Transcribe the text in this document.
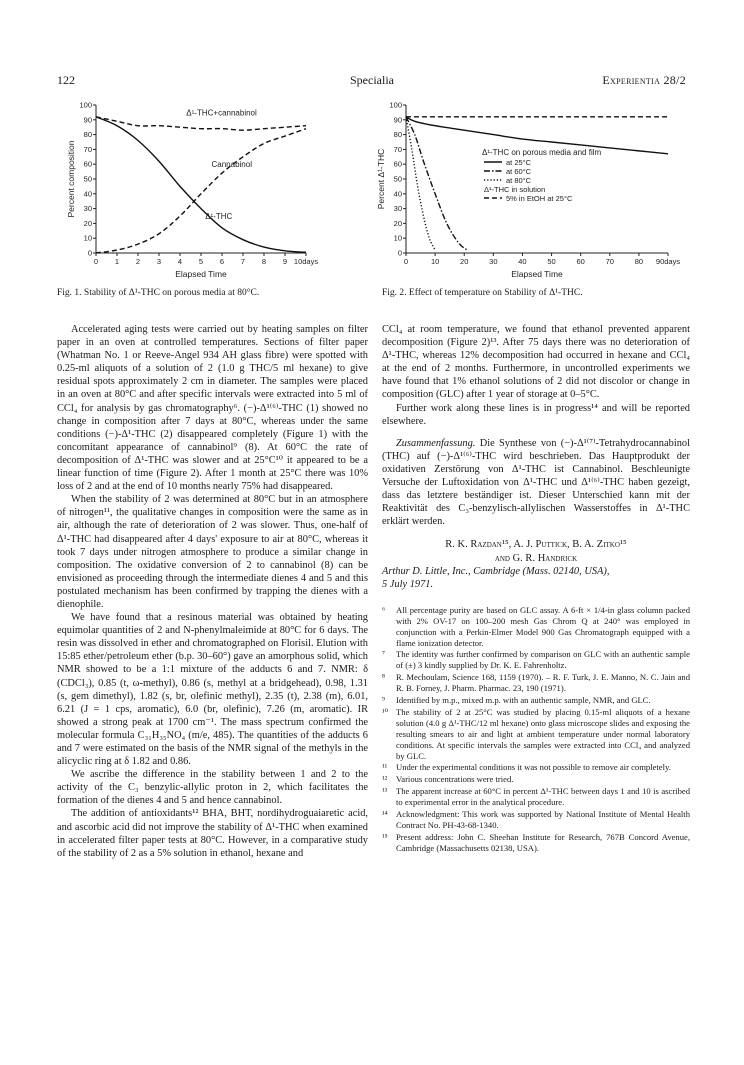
122	Specialia	Experientia 28/2
0
10
20
30
40
50
60
70
80
90
100
0 1 2 3 4 5 6 7 8 9 10days
Elapsed Time
Percent composition
Δ¹-THC+cannabinol
Cannabinol
Δ¹-THC
Fig. 1. Stability of Δ¹-THC on porous media at 80°C.
0
10
20
30
40
50
60
70
80
90
100
0	10	20	30	40	50	60	70	80 90days
Elapsed Time
Percent Δ¹-THC	Δ¹-THC on porous media and film
at 25°C
at 60°C
at 80°C
Δ¹-THC in solution
5% in EtOH at 25°C
Fig. 2. Effect of temperature on Stability of Δ¹-THC.

Accelerated aging tests were carried out by heating samples on filter paper in an oven at controlled temperatures. Sections of filter paper (Whatman No. 1 or Reeve-Angel 934 AH glass fibre) were spotted with 0.25-ml aliquots of a solution of 2 (1.0 g THC/5 ml hexane) to give residual spots approximately 2 cm in diameter. The samples were placed in an oven at 80°C and after specific intervals were extracted into 5 ml of CCl₄ for analysis by gas chromatography⁶. (−)-Δ¹⁽⁶⁾-THC (1) showed no change in composition after 7 days at 80°C, whereas under the same conditions (−)-Δ¹-THC (2) disappeared completely (Figure 1) with the concomitant appearance of cannabinol⁹ (8). At 60°C the rate of decomposition of Δ¹-THC was slower and at 25°C¹⁰ it appeared to be a linear function of time (Figure 2). After 1 month at 25°C there was 10% loss of 2 and at the end of 10 months nearly 75% had disappeared.

When the stability of 2 was determined at 80°C but in an atmosphere of nitrogen¹¹, the qualitative changes in composition were the same as in air, although the rate of deterioration of 2 was slower. Thus, one-half of Δ¹-THC had disappeared after 4 days' exposure to air at 80°C, whereas it took 7 days under nitrogen atmosphere to produce a similar change in composition. The oxidative conversion of 2 to cannabinol (8) can be envisioned as proceeding through the intermediate dienes 4 and 5 and this postulated mechanism has been confirmed by trapping the dienes with a dienophile.

We have found that a resinous material was obtained by heating equimolar quantities of 2 and N-phenylmaleimide at 80°C for 6 days. The resin was dissolved in ether and chromatographed on Florisil. Elution with 15:85 ether/petroleum ether (b.p. 30–60°) gave an amorphous solid, which NMR showed to be a 1:1 mixture of the adducts 6 and 7. NMR: δ (CDCl₃), 0.85 (t, ω-methyl), 0.86 (s, methyl at a bridgehead), 0.98, 1.31 (s, gem dimethyl), 1.82 (s, br, olefinic methyl), 2.35 (t), 2.38 (m), 6.01, 6.21 (J = 1 cps, aromatic), 6.0 (br, olefinic), 7.26 (m, aromatic). IR showed a strong peak at 1700 cm⁻¹. The mass spectrum confirmed the molecular formula C₃₁H₃₅NO₄ (m/e, 485). The quantities of the adducts 6 and 7 were estimated on the basis of the NMR signal of the methyls in the alicyclic ring at δ 1.82 and 0.86.

We ascribe the difference in the stability between 1 and 2 to the activity of the C₃ benzylic-allylic proton in 2, which facilitates the formation of the dienes 4 and 5 and hence cannabinol.

The addition of antioxidants¹² BHA, BHT, nordihydroguaiaretic acid, and ascorbic acid did not improve the stability of Δ¹-THC when examined in accelerated filter paper tests at 80°C. However, in a comparative study of the stability of 2 as a 5% solution in ethanol, hexane and

CCl₄ at room temperature, we found that ethanol prevented apparent decomposition (Figure 2)¹³. After 75 days there was no deterioration of Δ¹-THC, whereas 12% decomposition had occurred in hexane and CCl₄ at the end of 2 months. Furthermore, in uncontrolled experiments we have found that 1% ethanol solutions of 2 did not discolor or change in composition (GLC) after 1 year of storage at 0–5°C.

Further work along these lines is in progress¹⁴ and will be reported elsewhere.

Zusammenfassung. Die Synthese von (−)-Δ¹⁽⁷⁾-Tetrahydrocannabinol (THC) auf (−)-Δ¹⁽⁶⁾-THC wird beschrieben. Das Hauptprodukt der oxidativen Zerstörung von Δ¹-THC ist Cannabinol. Beschleunigte Versuche der Luftoxidation von Δ¹-THC und Δ¹⁽⁶⁾-THC haben gezeigt, dass das letztere beständiger ist. Dieser Unterschied kann mit der Reaktivität des C₃-benzylisch-allylischen Wasserstoffes in Δ¹-THC erklärt werden.

R. K. Razdan¹⁵, A. J. Puttick, B. A. Zitko¹⁵
and G. R. Handrick

Arthur D. Little, Inc., Cambridge (Mass. 02140, USA),
5 July 1971.

⁶	All percentage purity are based on GLC assay. A 6-ft × 1/4-in glass column packed with 2% OV-17 on 100–200 mesh Gas Chrom Q at 240° was employed in conjunction with a Perkin-Elmer Model 900 Gas Chromatograph equipped with a flame ionization detector.
⁷	The identity was further confirmed by comparison on GLC with an authentic sample of (±) 3 kindly supplied by Dr. K. E. Fahrenholtz.
⁸	R. Mechoulam, Science 168, 1159 (1970). – R. F. Turk, J. E. Manno, N. C. Jain and R. B. Forney, J. Pharm. Pharmac. 23, 190 (1971).
⁹	Identified by m.p., mixed m.p. with an authentic sample, NMR, and GLC.
¹⁰ The stability of 2 at 25°C was studied by placing 0.15-ml aliquots of a hexane solution (4.0 g Δ¹-THC/12 ml hexane) onto glass microscope slides and exposing the resulting smears to air and light at ambient temperature under normal laboratory conditions. At specific intervals the samples were extracted into CCl₄ and analyzed by GLC.
¹¹	Under the experimental conditions it was not possible to remove air completely.
¹²	Various concentrations were tried.
¹³	The apparent increase at 60°C in percent Δ¹-THC between days 1 and 10 is ascribed to experimental error in the analytical procedure.
¹⁴ Acknowledgment: This work was supported by National Institute of Mental Health Contract No. PH-43-68-1340.
¹⁵ Present address: John C. Sheehan Institute for Research, 767B Concord Avenue, Cambridge (Massachusetts 02138, USA).
